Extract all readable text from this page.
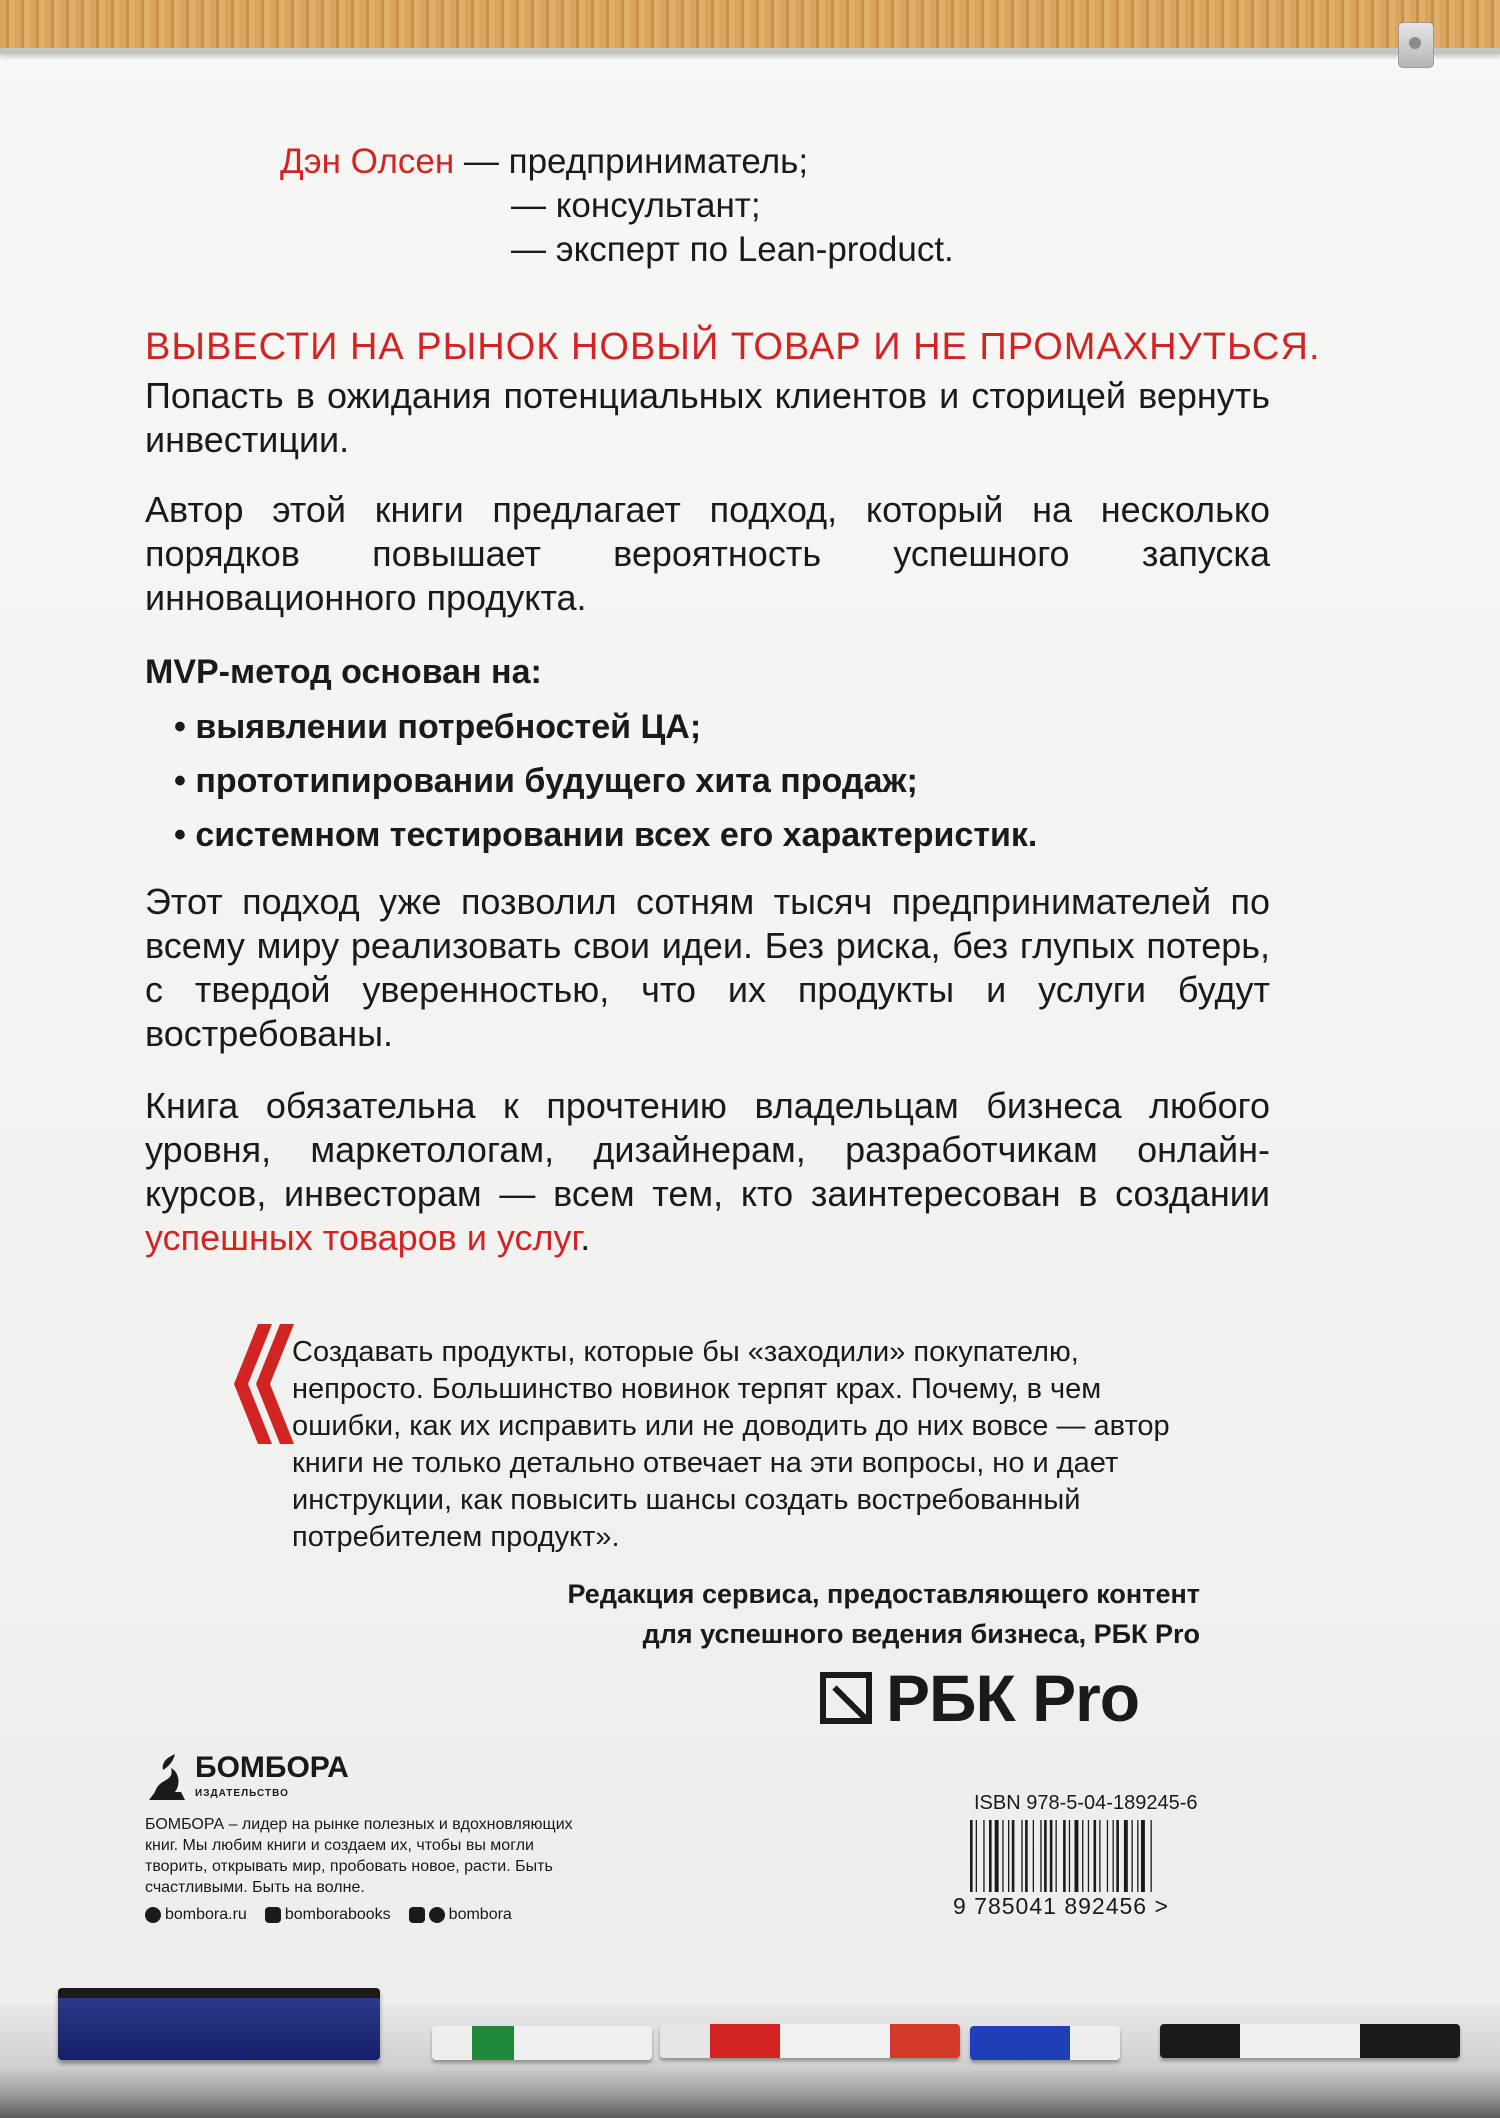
Дэн Олсен — предприниматель;
— консультант;
— эксперт по Lean-product.
ВЫВЕСТИ НА РЫНОК НОВЫЙ ТОВАР И НЕ ПРОМАХНУТЬСЯ.
Попасть в ожидания потенциальных клиентов и сторицей вернуть инвестиции.
Автор этой книги предлагает подход, который на несколько порядков повышает вероятность успешного запуска инновационного продукта.
MVP-метод основан на:
• выявлении потребностей ЦА;
• прототипировании будущего хита продаж;
• системном тестировании всех его характеристик.
Этот подход уже позволил сотням тысяч предпринимателей по всему миру реализовать свои идеи. Без риска, без глупых потерь, с твердой уверенностью, что их продукты и услуги будут востребованы.
Книга обязательна к прочтению владельцам бизнеса любого уровня, маркетологам, дизайнерам, разработчикам онлайн-курсов, инвесторам — всем тем, кто заинтересован в создании успешных товаров и услуг.
Создавать продукты, которые бы «заходили» покупателю, непросто. Большинство новинок терпят крах. Почему, в чем ошибки, как их исправить или не доводить до них вовсе — автор книги не только детально отвечает на эти вопросы, но и дает инструкции, как повысить шансы создать востребованный потребителем продукт».
Редакция сервиса, предоставляющего контент
для успешного ведения бизнеса, РБК Pro
РБК Pro
БОМБОРА
ИЗДАТЕЛЬСТВО
БОМБОРА – лидер на рынке полезных и вдохновляющих книг. Мы любим книги и создаем их, чтобы вы могли творить, открывать мир, пробовать новое, расти. Быть счастливыми. Быть на волне.
bombora.ru bomborabooks	bombora
ISBN 978-5-04-189245-6
9 785041 892456 >
